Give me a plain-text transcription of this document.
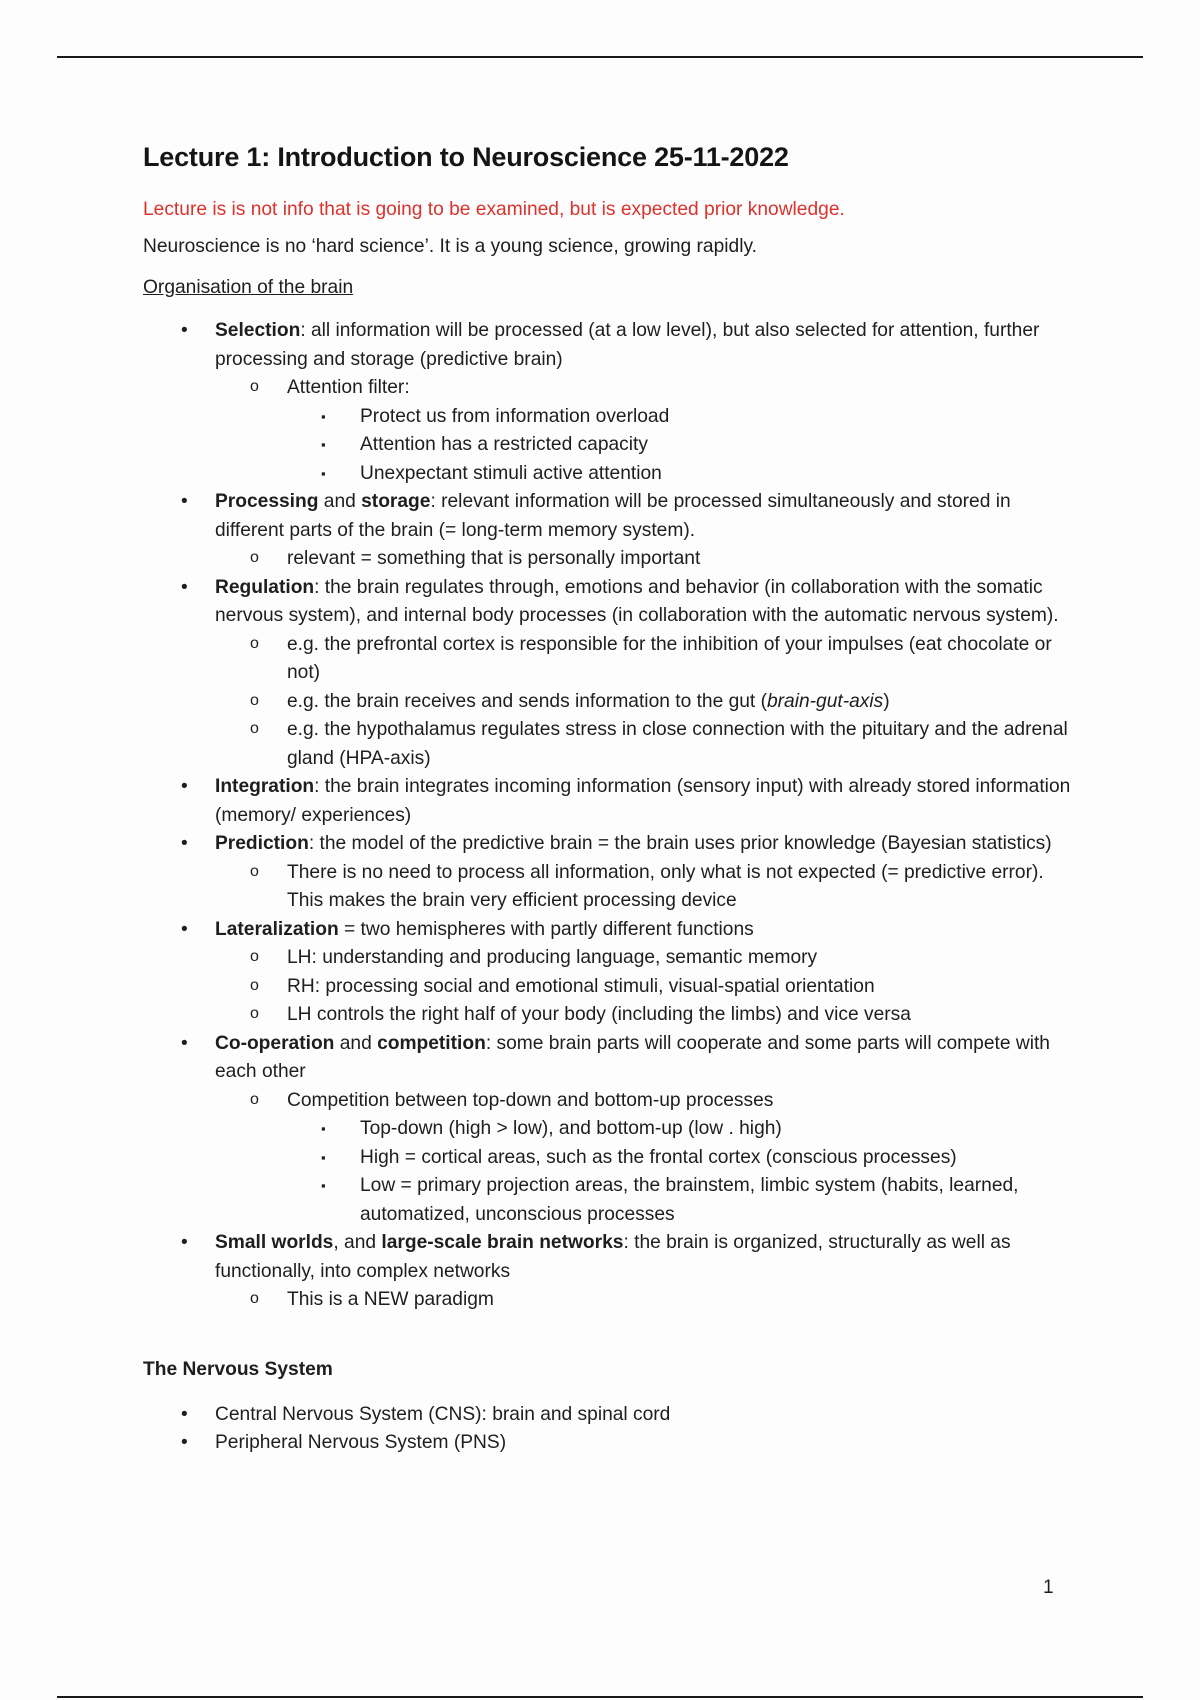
Lecture 1: Introduction to Neuroscience 25-11-2022
Lecture is is not info that is going to be examined, but is expected prior knowledge.
Neuroscience is no ‘hard science’. It is a young science, growing rapidly.
Organisation of the brain
• Selection: all information will be processed (at a low level), but also selected for attention, further processing and storage (predictive brain)
o Attention filter:
▪ Protect us from information overload
▪ Attention has a restricted capacity
▪ Unexpectant stimuli active attention
• Processing and storage: relevant information will be processed simultaneously and stored in different parts of the brain (= long-term memory system).
o relevant = something that is personally important
• Regulation: the brain regulates through, emotions and behavior (in collaboration with the somatic nervous system), and internal body processes (in collaboration with the automatic nervous system).
o e.g. the prefrontal cortex is responsible for the inhibition of your impulses (eat chocolate or not)
o e.g. the brain receives and sends information to the gut (brain-gut-axis)
o e.g. the hypothalamus regulates stress in close connection with the pituitary and the adrenal gland (HPA-axis)
• Integration: the brain integrates incoming information (sensory input) with already stored information (memory/ experiences)
• Prediction: the model of the predictive brain = the brain uses prior knowledge (Bayesian statistics)
o There is no need to process all information, only what is not expected (= predictive error). This makes the brain very efficient processing device
• Lateralization = two hemispheres with partly different functions
o LH: understanding and producing language, semantic memory
o RH: processing social and emotional stimuli, visual-spatial orientation
o LH controls the right half of your body (including the limbs) and vice versa
• Co-operation and competition: some brain parts will cooperate and some parts will compete with each other
o Competition between top-down and bottom-up processes
▪ Top-down (high > low), and bottom-up (low . high)
▪ High = cortical areas, such as the frontal cortex (conscious processes)
▪ Low = primary projection areas, the brainstem, limbic system (habits, learned, automatized, unconscious processes
• Small worlds, and large-scale brain networks: the brain is organized, structurally as well as functionally, into complex networks
o This is a NEW paradigm
The Nervous System
• Central Nervous System (CNS): brain and spinal cord
• Peripheral Nervous System (PNS)
1
